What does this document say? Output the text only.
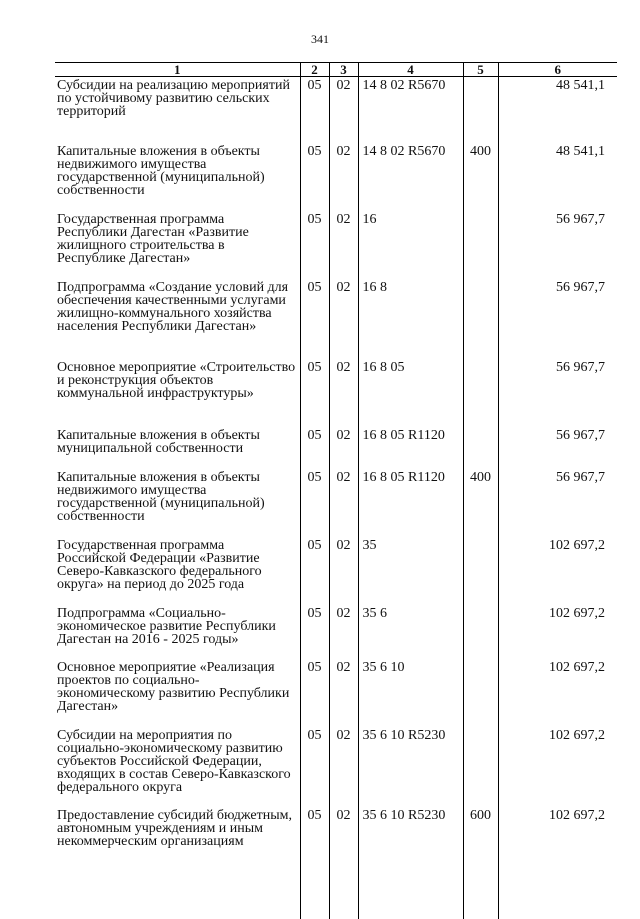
341
1	2	3	4	5	6
Субсидии на реализацию мероприятий по устойчивому развитию сельских территорий	05	02	14 8 02 R5670		48 541,1
Капитальные вложения в объекты недвижимого имущества государственной (муниципальной) собственности	05	02	14 8 02 R5670	400	48 541,1
Государственная программа Республики Дагестан «Развитие жилищного строительства в Республике Дагестан»	05	02	16		56 967,7
Подпрограмма «Создание условий для обеспечения качественными услугами жилищно-коммунального хозяйства населения Республики Дагестан»	05	02	16 8		56 967,7
Основное мероприятие «Строительство и реконструкция объектов коммунальной инфраструктуры»	05	02	16 8 05		56 967,7
Капитальные вложения в объекты муниципальной собственности	05	02	16 8 05 R1120		56 967,7
Капитальные вложения в объекты недвижимого имущества государственной (муниципальной) собственности	05	02	16 8 05 R1120	400	56 967,7
Государственная программа Российской Федерации «Развитие Северо-Кавказского федерального округа» на период до 2025 года	05	02	35		102 697,2
Подпрограмма «Социально-экономическое развитие Республики Дагестан на 2016 - 2025 годы»	05	02	35 6		102 697,2
Основное мероприятие «Реализация проектов по социально-экономическому развитию Республики Дагестан»	05	02	35 6 10		102 697,2
Субсидии на мероприятия по социально-экономическому развитию субъектов Российской Федерации, входящих в состав Северо-Кавказского федерального округа	05	02	35 6 10 R5230		102 697,2
Предоставление субсидий бюджетным, автономным учреждениям и иным некоммерческим организациям	05	02	35 6 10 R5230	600	102 697,2
